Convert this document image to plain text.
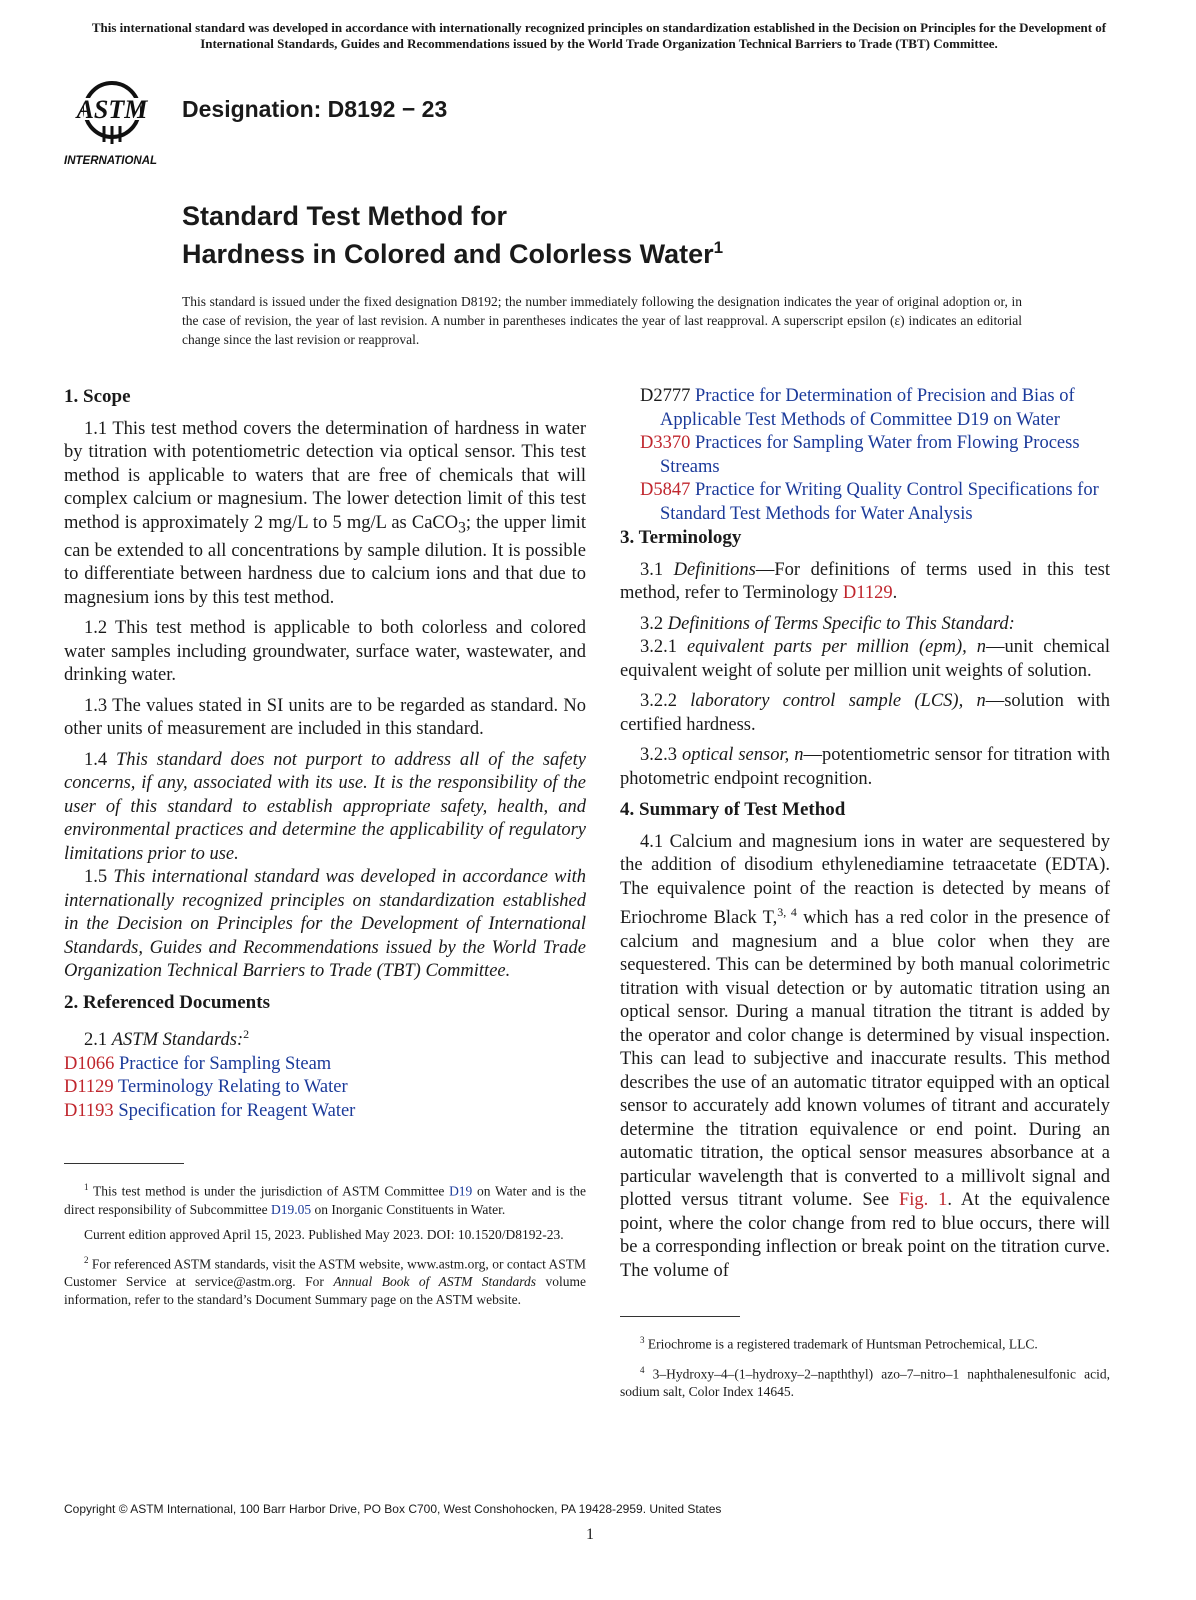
This international standard was developed in accordance with internationally recognized principles on standardization established in the Decision on Principles for the Development of International Standards, Guides and Recommendations issued by the World Trade Organization Technical Barriers to Trade (TBT) Committee.
ASTM
INTERNATIONAL
Designation: D8192 − 23
Standard Test Method for
Hardness in Colored and Colorless Water$^1$
This standard is issued under the fixed designation D8192; the number immediately following the designation indicates the year of original adoption or, in the case of revision, the year of last revision. A number in parentheses indicates the year of last reapproval. A superscript epsilon (ε) indicates an editorial change since the last revision or reapproval.
1. Scope

1.1 This test method covers the determination of hardness in water by titration with potentiometric detection via optical sensor. This test method is applicable to waters that are free of chemicals that will complex calcium or magnesium. The lower detection limit of this test method is approximately 2 mg/L to 5 mg/L as CaCO$_3$; the upper limit can be extended to all concentrations by sample dilution. It is possible to differentiate between hardness due to calcium ions and that due to magnesium ions by this test method.

1.2 This test method is applicable to both colorless and colored water samples including groundwater, surface water, wastewater, and drinking water.

1.3 The values stated in SI units are to be regarded as standard. No other units of measurement are included in this standard.

1.4 This standard does not purport to address all of the safety concerns, if any, associated with its use. It is the responsibility of the user of this standard to establish appropriate safety, health, and environmental practices and determine the applicability of regulatory limitations prior to use.

1.5 This international standard was developed in accordance with internationally recognized principles on standardization established in the Decision on Principles for the Development of International Standards, Guides and Recommendations issued by the World Trade Organization Technical Barriers to Trade (TBT) Committee.

2. Referenced Documents

2.1 ASTM Standards:$^2$

D1066 Practice for Sampling Steam
D1129 Terminology Relating to Water
D1193 Specification for Reagent Water

$^1$ This test method is under the jurisdiction of ASTM Committee D19 on Water and is the direct responsibility of Subcommittee D19.05 on Inorganic Constituents in Water.

Current edition approved April 15, 2023. Published May 2023. DOI: 10.1520/D8192-23.

$^2$ For referenced ASTM standards, visit the ASTM website, www.astm.org, or contact ASTM Customer Service at service@astm.org. For Annual Book of ASTM Standards volume information, refer to the standard’s Document Summary page on the ASTM website.

D2777 Practice for Determination of Precision and Bias of Applicable Test Methods of Committee D19 on Water
D3370 Practices for Sampling Water from Flowing Process Streams
D5847 Practice for Writing Quality Control Specifications for Standard Test Methods for Water Analysis
3. Terminology

3.1 Definitions—For definitions of terms used in this test method, refer to Terminology D1129.

3.2 Definitions of Terms Specific to This Standard:

3.2.1 equivalent parts per million (epm), n—unit chemical equivalent weight of solute per million unit weights of solution.

3.2.2 laboratory control sample (LCS), n—solution with certified hardness.

3.2.3 optical sensor, n—potentiometric sensor for titration with photometric endpoint recognition.

4. Summary of Test Method

4.1 Calcium and magnesium ions in water are sequestered by the addition of disodium ethylenediamine tetraacetate (EDTA). The equivalence point of the reaction is detected by means of Eriochrome Black T,$^{3, 4}$ which has a red color in the presence of calcium and magnesium and a blue color when they are sequestered. This can be determined by both manual colorimetric titration with visual detection or by automatic titration using an optical sensor. During a manual titration the titrant is added by the operator and color change is determined by visual inspection. This can lead to subjective and inaccurate results. This method describes the use of an automatic titrator equipped with an optical sensor to accurately add known volumes of titrant and accurately determine the titration equivalence or end point. During an automatic titration, the optical sensor measures absorbance at a particular wavelength that is converted to a millivolt signal and plotted versus titrant volume. See Fig. 1. At the equivalence point, where the color change from red to blue occurs, there will be a corresponding inflection or break point on the titration curve. The volume of

$^3$ Eriochrome is a registered trademark of Huntsman Petrochemical, LLC.

$^4$ 3–Hydroxy–4–(1–hydroxy–2–napththyl) azo–7–nitro–1 naphthalenesulfonic acid, sodium salt, Color Index 14645.

Copyright © ASTM International, 100 Barr Harbor Drive, PO Box C700, West Conshohocken, PA 19428-2959. United States
1
